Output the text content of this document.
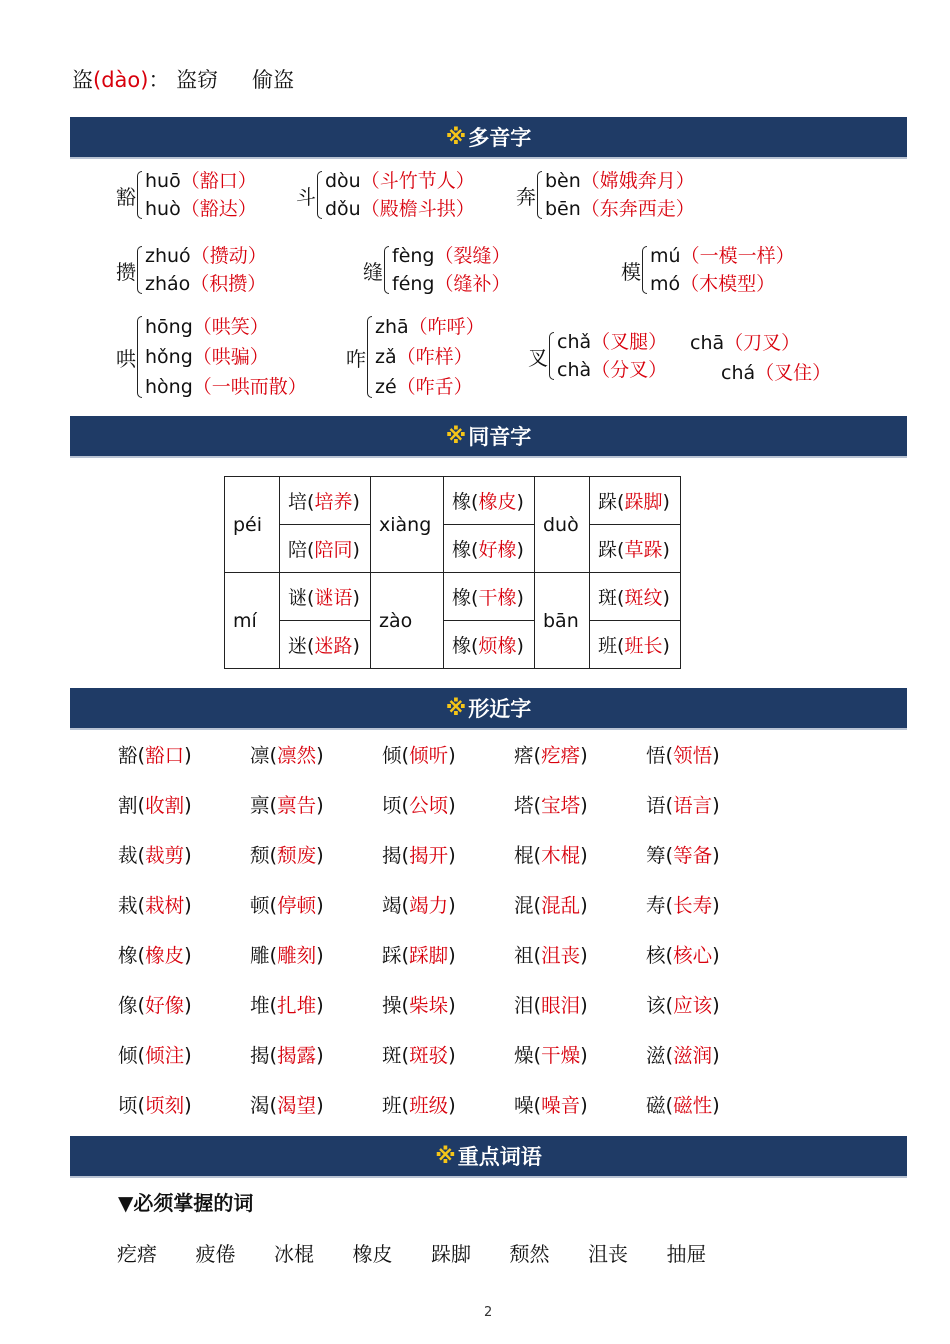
盗(dào)： 盗窃 偷盗
※ 多音字
豁
huō（豁口）
huò（豁达）
斗
dòu（斗竹节人）
dǒu（殿檐斗拱）
奔
bèn（嫦娥奔月）
bēn（东奔西走）
攒
zhuó（攒动）
zháo（积攒）
缝
fèng（裂缝）
féng（缝补）
模
mú（一模一样）
mó（木模型）
哄
hōng（哄笑）
hǒng（哄骗）
hòng（一哄而散）
咋
zhā（咋呼）
zǎ（咋样）
zé（咋舌）
叉
chǎ（叉腿）
chà（分叉）
chā（刀叉）
chá（叉住）
※ 同音字
péi	培(培养)	xiàng	橡(橡皮)	duò	跺(跺脚)
	陪(陪同)		橡(好橡)		跺(草跺)
mí	谜(谜语)	zào	橡(干橡)	bān	斑(斑纹)
	迷(迷路)		橡(烦橡)		班(班长)
※ 形近字
豁(豁口)	凛(凛然)	倾(倾听)	瘩(疙瘩)	悟(领悟)
割(收割)	禀(禀告)	顷(公顷)	塔(宝塔)	语(语言)
裁(裁剪)	颓(颓废)	揭(揭开)	棍(木棍)	筹(等备)
栽(栽树)	顿(停顿)	竭(竭力)	混(混乱)	寿(长寿)
橡(橡皮)	雕(雕刻)	踩(踩脚)	祖(沮丧)	核(核心)
像(好像)	堆(扎堆)	操(柴垛)	泪(眼泪)	该(应该)
倾(倾注)	揭(揭露)	斑(斑驳)	燥(干燥)	滋(滋润)
顷(顷刻)	渴(渴望)	班(班级)	噪(噪音)	磁(磁性)
※ 重点词语
▼必须掌握的词
疙瘩 疲倦 冰棍 橡皮 跺脚 颓然 沮丧 抽屉
2
